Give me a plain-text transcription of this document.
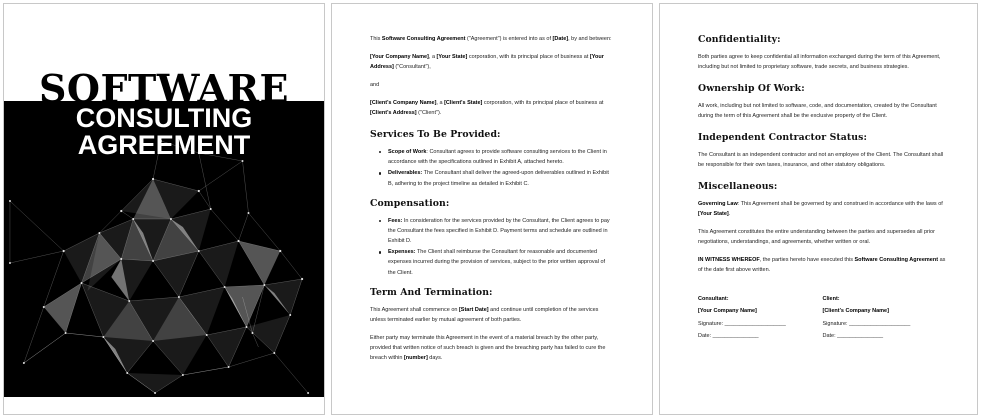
SOFTWARE
CONSULTING
AGREEMENT

This Software Consulting Agreement ("Agreement") is entered into as of [Date], by and between:

[Your Company Name], a [Your State] corporation, with its principal place of business at [Your Address] ("Consultant"),

and

[Client's Company Name], a [Client's State] corporation, with its principal place of business at [Client's Address] ("Client").

Services To Be Provided:
Scope of Work: Consultant agrees to provide software consulting services to the Client in accordance with the specifications outlined in Exhibit A, attached hereto.
Deliverables: The Consultant shall deliver the agreed-upon deliverables outlined in Exhibit B, adhering to the project timeline as detailed in Exhibit C.
Compensation:
Fees: In consideration for the services provided by the Consultant, the Client agrees to pay the Consultant the fees specified in Exhibit D. Payment terms and schedule are outlined in Exhibit D.
Expenses: The Client shall reimburse the Consultant for reasonable and documented expenses incurred during the provision of services, subject to the prior written approval of the Client.
Term And Termination:

This Agreement shall commence on [Start Date] and continue until completion of the services unless terminated earlier by mutual agreement of both parties.

Either party may terminate this Agreement in the event of a material breach by the other party, provided that written notice of such breach is given and the breaching party has failed to cure the breach within [number] days.

Confidentiality:

Both parties agree to keep confidential all information exchanged during the term of this Agreement, including but not limited to proprietary software, trade secrets, and business strategies.

Ownership Of Work:

All work, including but not limited to software, code, and documentation, created by the Consultant during the term of this Agreement shall be the exclusive property of the Client.

Independent Contractor Status:

The Consultant is an independent contractor and not an employee of the Client. The Consultant shall be responsible for their own taxes, insurance, and other statutory obligations.

Miscellaneous:

Governing Law: This Agreement shall be governed by and construed in accordance with the laws of [Your State].

This Agreement constitutes the entire understanding between the parties and supersedes all prior negotiations, understandings, and agreements, whether written or oral.

IN WITNESS WHEREOF, the parties hereto have executed this Software Consulting Agreement as of the date first above written.

Consultant:
[Your Company Name]
Signature: ____________________
Date: _______________
Client:
[Client's Company Name]
Signature: ____________________
Date: _______________
